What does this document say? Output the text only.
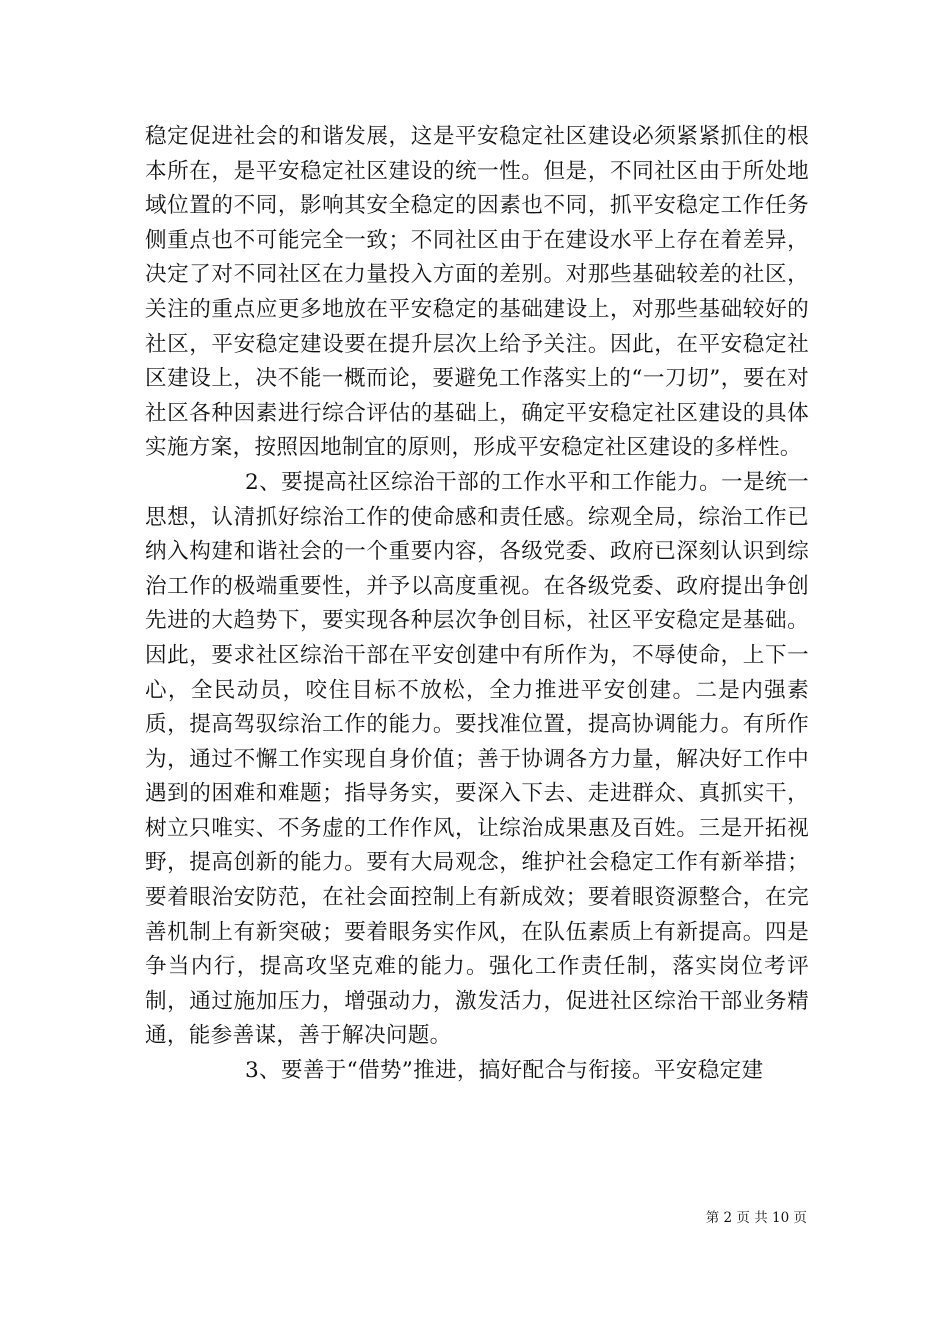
稳定促进社会的和谐发展，这是平安稳定社区建设必须紧紧抓住的根本所在，是平安稳定社区建设的统一性。但是，不同社区由于所处地域位置的不同，影响其安全稳定的因素也不同，抓平安稳定工作任务侧重点也不可能完全一致；不同社区由于在建设水平上存在着差异，决定了对不同社区在力量投入方面的差别。对那些基础较差的社区，关注的重点应更多地放在平安稳定的基础建设上，对那些基础较好的社区，平安稳定建设要在提升层次上给予关注。因此，在平安稳定社区建设上，决不能一概而论，要避免工作落实上的“一刀切”，要在对社区各种因素进行综合评估的基础上，确定平安稳定社区建设的具体实施方案，按照因地制宜的原则，形成平安稳定社区建设的多样性。

2、要提高社区综治干部的工作水平和工作能力。一是统一思想，认清抓好综治工作的使命感和责任感。综观全局，综治工作已纳入构建和谐社会的一个重要内容，各级党委、政府已深刻认识到综治工作的极端重要性，并予以高度重视。在各级党委、政府提出争创先进的大趋势下，要实现各种层次争创目标，社区平安稳定是基础。因此，要求社区综治干部在平安创建中有所作为，不辱使命，上下一心，全民动员，咬住目标不放松，全力推进平安创建。二是内强素质，提高驾驭综治工作的能力。要找准位置，提高协调能力。有所作为，通过不懈工作实现自身价值；善于协调各方力量，解决好工作中遇到的困难和难题；指导务实，要深入下去、走进群众、真抓实干，树立只唯实、不务虚的工作作风，让综治成果惠及百姓。三是开拓视野，提高创新的能力。要有大局观念，维护社会稳定工作有新举措；要着眼治安防范，在社会面控制上有新成效；要着眼资源整合，在完善机制上有新突破；要着眼务实作风，在队伍素质上有新提高。四是争当内行，提高攻坚克难的能力。强化工作责任制，落实岗位考评制，通过施加压力，增强动力，激发活力，促进社区综治干部业务精通，能参善谋，善于解决问题。

3、要善于“借势”推进，搞好配合与衔接。平安稳定建

第 2 页 共 10 页
